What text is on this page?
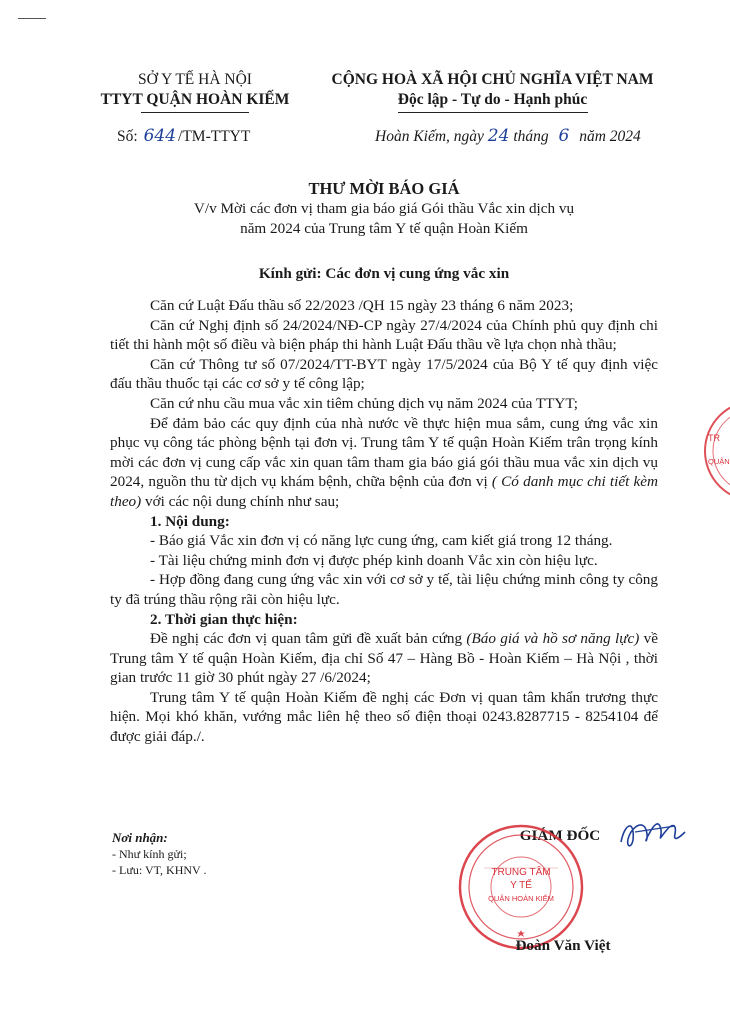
SỞ Y TẾ HÀ NỘI
TTYT QUẬN HOÀN KIẾM
Số: 644 /TM-TTYT
CỘNG HOÀ XÃ HỘI CHỦ NGHĨA VIỆT NAM
Độc lập - Tự do - Hạnh phúc
Hoàn Kiếm, ngày 24 tháng 6 năm 2024
THƯ MỜI BÁO GIÁ
V/v Mời các đơn vị tham gia báo giá Gói thầu Vắc xin dịch vụ
năm 2024 của Trung tâm Y tế quận Hoàn Kiếm
Kính gửi: Các đơn vị cung ứng vắc xin

Căn cứ Luật Đấu thầu số 22/2023 /QH 15 ngày 23 tháng 6 năm 2023;

Căn cứ Nghị định số 24/2024/NĐ-CP ngày 27/4/2024 của Chính phủ quy định chi tiết thi hành một số điều và biện pháp thi hành Luật Đấu thầu về lựa chọn nhà thầu;

Căn cứ Thông tư số 07/2024/TT-BYT ngày 17/5/2024 của Bộ Y tế quy định việc đấu thầu thuốc tại các cơ sở y tế công lập;

Căn cứ nhu cầu mua vắc xin tiêm chủng dịch vụ năm 2024 của TTYT;

Để đảm bảo các quy định của nhà nước về thực hiện mua sắm, cung ứng vắc xin phục vụ công tác phòng bệnh tại đơn vị. Trung tâm Y tế quận Hoàn Kiếm trân trọng kính mời các đơn vị cung cấp vắc xin quan tâm tham gia báo giá gói thầu mua vắc xin dịch vụ 2024, nguồn thu từ dịch vụ khám bệnh, chữa bệnh của đơn vị ( Có danh mục chi tiết kèm theo) với các nội dung chính như sau;

1. Nội dung:

- Báo giá Vắc xin đơn vị có năng lực cung ứng, cam kiết giá trong 12 tháng.

- Tài liệu chứng minh đơn vị được phép kinh doanh Vắc xin còn hiệu lực.

- Hợp đồng đang cung ứng vắc xin với cơ sở y tế, tài liệu chứng minh công ty công ty đã trúng thầu rộng rãi còn hiệu lực.

2. Thời gian thực hiện:

Đề nghị các đơn vị quan tâm gửi đề xuất bản cứng (Báo giá và hồ sơ năng lực) về Trung tâm Y tế quận Hoàn Kiếm, địa chỉ Số 47 – Hàng Bồ - Hoàn Kiếm – Hà Nội , thời gian trước 11 giờ 30 phút ngày 27 /6/2024;

Trung tâm Y tế quận Hoàn Kiếm đề nghị các Đơn vị quan tâm khẩn trương thực hiện. Mọi khó khăn, vướng mắc liên hệ theo số điện thoại 0243.8287715 - 8254104 để được giải đáp./.

Nơi nhận:
- Như kính gửi;
- Lưu: VT, KHNV .
GIÁM ĐỐC
TRUNG TÂM
Y TẾ
QUẬN HOÀN KIẾM
Đoàn Văn Việt
TR
QUẬN
